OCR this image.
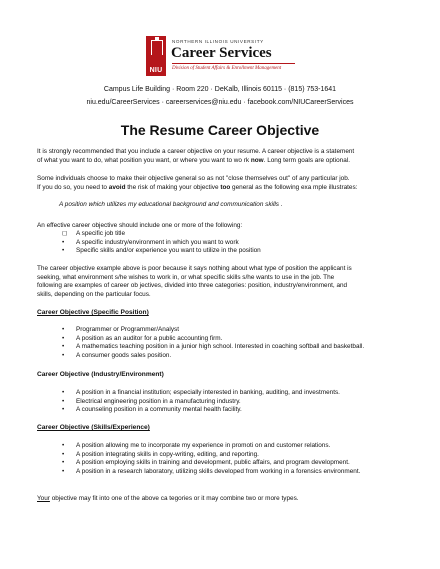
NIU
NORTHERN ILLINOIS UNIVERSITY
Career Services
Division of Student Affairs & Enrollment Management
Campus Life Building · Room 220 · DeKalb, Illinois 60115 · (815) 753-1641
niu.edu/CareerServices · careerservices@niu.edu · facebook.com/NIUCareerServices
The Resume Career Objective
It is strongly recommended that you include a career objective on your resume. A career objective is a statement
of what you want to do, what position you want, or where you want to wo rk now. Long term goals are optional.
Some individuals choose to make their objective general so as not "close themselves out" of any particular job.
If you do so, you need to avoid the risk of making your objective too general as the following exa mple illustrates:
A position which utilizes my educational background and communication skills .
An effective career objective should include one or more of the following:
◻ A specific job title
• A specific industry/environment in which you want to work
• Specific skills and/or experience you want to utilize in the position
The career objective example above is poor because it says nothing about what type of position the applicant is
seeking, what environment s/he wishes to work in, or what specific skills s/he wants to use in the job. The
following are examples of career ob jectives, divided into three categories: position, industry/environment, and
skills, depending on the particular focus.
Career Objective (Specific Position)
• Programmer or Programmer/Analyst
• A position as an auditor for a public accounting firm.
• A mathematics teaching position in a junior high school. Interested in coaching softball and basketball.
• A consumer goods sales position.
Career Objective (Industry/Environment)
• A position in a financial institution; especially interested in banking, auditing, and investments.
• Electrical engineering position in a manufacturing industry.
• A counseling position in a community mental health facility.
Career Objective (Skills/Experience)
• A position allowing me to incorporate my experience in promoti on and customer relations.
• A position integrating skills in copy-writing, editing, and reporting.
• A position employing skills in training and development, public affairs, and program development.
• A position in a research laboratory, utilizing skills developed from working in a forensics environment.
Your objective may fit into one of the above ca tegories or it may combine two or more types.
